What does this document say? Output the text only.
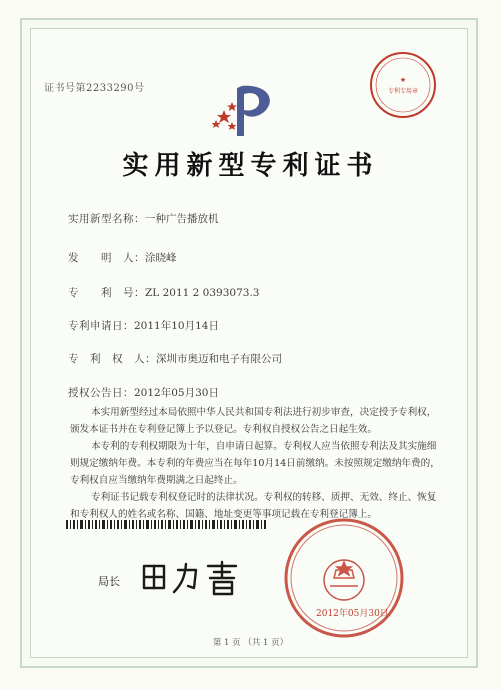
证书号第2233290号
★
专利专用章
实用新型专利证书
实用新型名称：一种广告播放机
发　　明　人：涂晓峰
专　　利　号：ZL 2011 2 0393073.3
专利申请日：2011年10月14日
专　利　权　人：深圳市奥迈和电子有限公司
授权公告日：2012年05月30日

本实用新型经过本局依照中华人民共和国专利法进行初步审查，决定授予专利权，颁发本证书并在专利登记簿上予以登记。专利权自授权公告之日起生效。

本专利的专利权期限为十年，自申请日起算。专利权人应当依照专利法及其实施细则规定缴纳年费。本专利的年费应当在每年10月14日前缴纳。未按照规定缴纳年费的，专利权自应当缴纳年费期满之日起终止。

专利证书记载专利权登记时的法律状况。专利权的转移、质押、无效、终止、恢复和专利权人的姓名或名称、国籍、地址变更等事项记载在专利登记簿上。

局长
2012年05月30日
第 1 页 （共 1 页）
